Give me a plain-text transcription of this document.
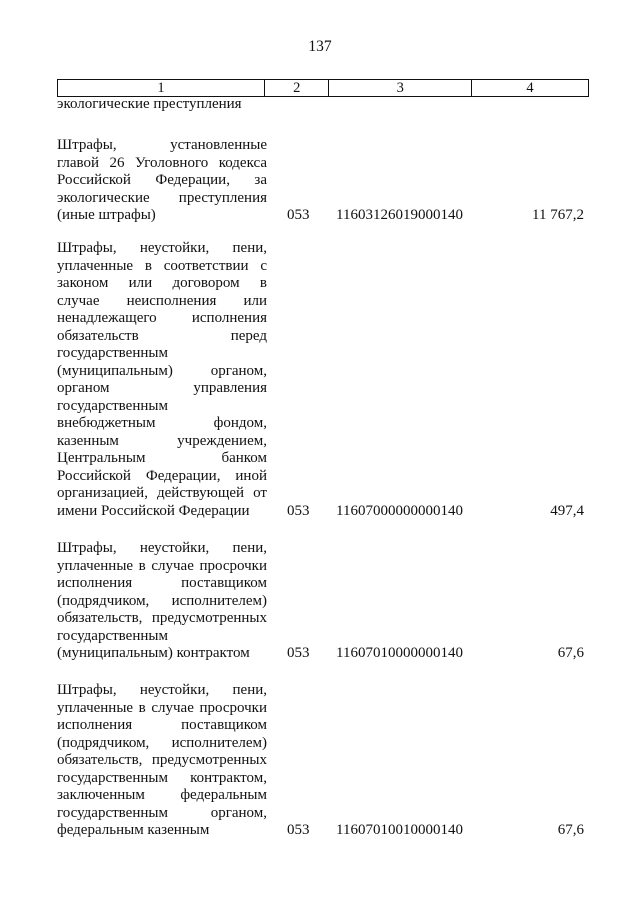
137
1	2	3	4
экологические преступления
Штрафы, установленные
главой 26 Уголовного кодекса
Российской Федерации, за
экологические преступления
(иные штрафы)	053 11603126019000140	11 767,2
Штрафы, неустойки, пени,
уплаченные в соответствии с
законом или договором в
случае неисполнения или
ненадлежащего исполнения
обязательств перед
государственным
(муниципальным) органом,
органом управления
государственным
внебюджетным фондом,
казенным учреждением,
Центральным банком
Российской Федерации, иной
организацией, действующей от
имени Российской Федерации	053 11607000000000140	497,4
Штрафы, неустойки, пени,
уплаченные в случае просрочки
исполнения поставщиком
(подрядчиком, исполнителем)
обязательств, предусмотренных
государственным
(муниципальным) контрактом	053 11607010000000140	67,6
Штрафы, неустойки, пени,
уплаченные в случае просрочки
исполнения поставщиком
(подрядчиком, исполнителем)
обязательств, предусмотренных
государственным контрактом,
заключенным федеральным
государственным органом,
федеральным казенным	053 11607010010000140	67,6
